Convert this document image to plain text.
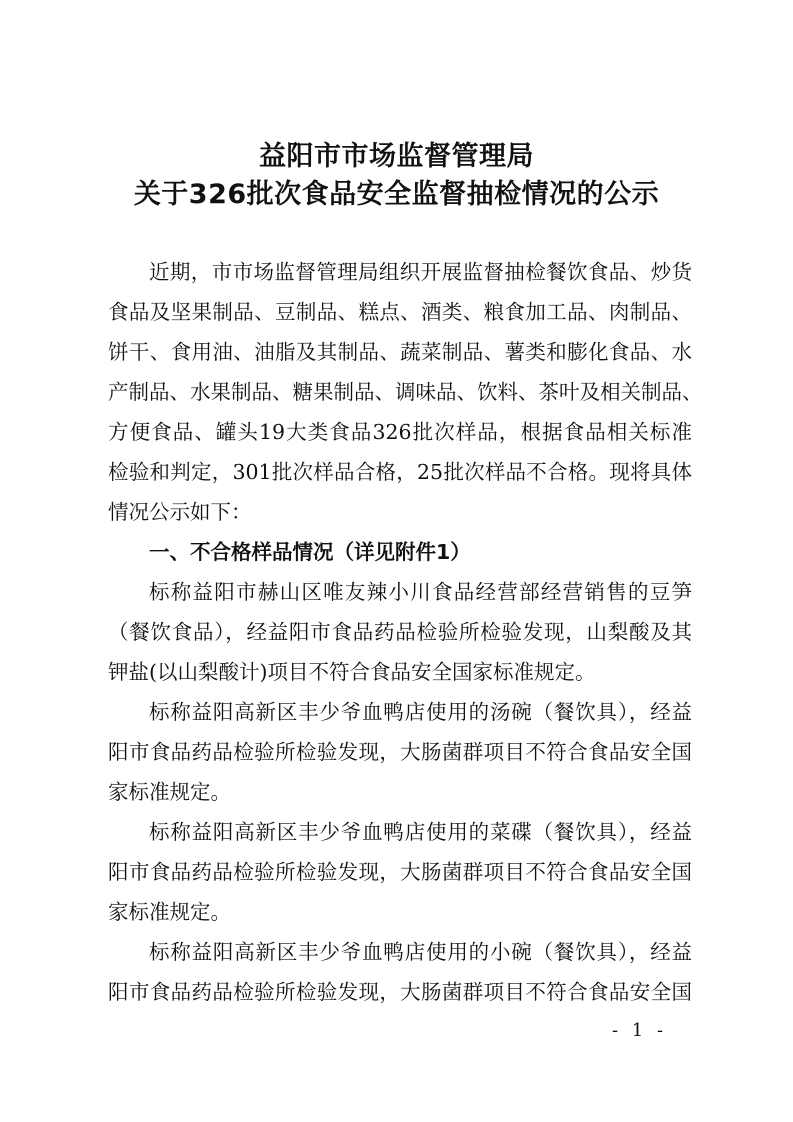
益阳市市场监督管理局
关于326批次食品安全监督抽检情况的公示
近期，市市场监督管理局组织开展监督抽检餐饮食品、炒货
食品及坚果制品、豆制品、糕点、酒类、粮食加工品、肉制品、
饼干、食用油、油脂及其制品、蔬菜制品、薯类和膨化食品、水
产制品、水果制品、糖果制品、调味品、饮料、茶叶及相关制品、
方便食品、罐头19大类食品326批次样品，根据食品相关标准
检验和判定，301批次样品合格，25批次样品不合格。现将具体
情况公示如下：
一、不合格样品情况（详见附件1）
标称益阳市赫山区唯友辣小川食品经营部经营销售的豆笋
（餐饮食品），经益阳市食品药品检验所检验发现，山梨酸及其
钾盐(以山梨酸计)项目不符合食品安全国家标准规定。
标称益阳高新区丰少爷血鸭店使用的汤碗（餐饮具），经益
阳市食品药品检验所检验发现，大肠菌群项目不符合食品安全国
家标准规定。
标称益阳高新区丰少爷血鸭店使用的菜碟（餐饮具），经益
阳市食品药品检验所检验发现，大肠菌群项目不符合食品安全国
家标准规定。
标称益阳高新区丰少爷血鸭店使用的小碗（餐饮具），经益
阳市食品药品检验所检验发现，大肠菌群项目不符合食品安全国
- 1 -
